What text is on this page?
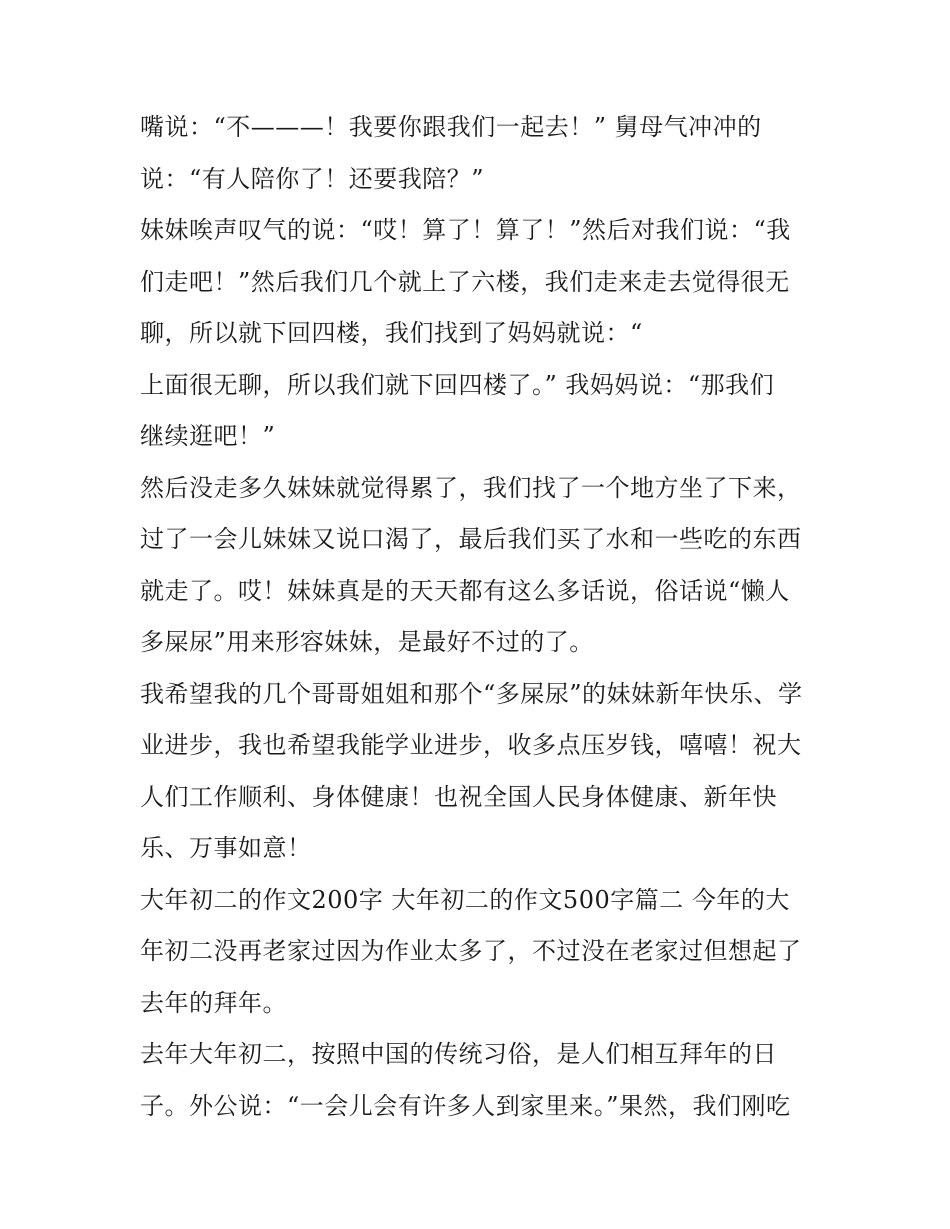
嘴说：“不———！我要你跟我们一起去！” 舅母气冲冲的
说：“有人陪你了！还要我陪？”
妹妹唉声叹气的说：“哎！算了！算了！”然后对我们说：“我
们走吧！”然后我们几个就上了六楼，我们走来走去觉得很无
聊，所以就下回四楼，我们找到了妈妈就说：“
上面很无聊，所以我们就下回四楼了。” 我妈妈说：“那我们
继续逛吧！”
然后没走多久妹妹就觉得累了，我们找了一个地方坐了下来，
过了一会儿妹妹又说口渴了，最后我们买了水和一些吃的东西
就走了。哎！妹妹真是的天天都有这么多话说，俗话说“懒人
多屎尿”用来形容妹妹，是最好不过的了。
我希望我的几个哥哥姐姐和那个“多屎尿”的妹妹新年快乐、学
业进步，我也希望我能学业进步，收多点压岁钱，嘻嘻！祝大
人们工作顺利、身体健康！也祝全国人民身体健康、新年快
乐、万事如意！
大年初二的作文200字 大年初二的作文500字篇二 今年的大
年初二没再老家过因为作业太多了，不过没在老家过但想起了
去年的拜年。
去年大年初二，按照中国的传统习俗，是人们相互拜年的日
子。外公说：“一会儿会有许多人到家里来。”果然，我们刚吃
